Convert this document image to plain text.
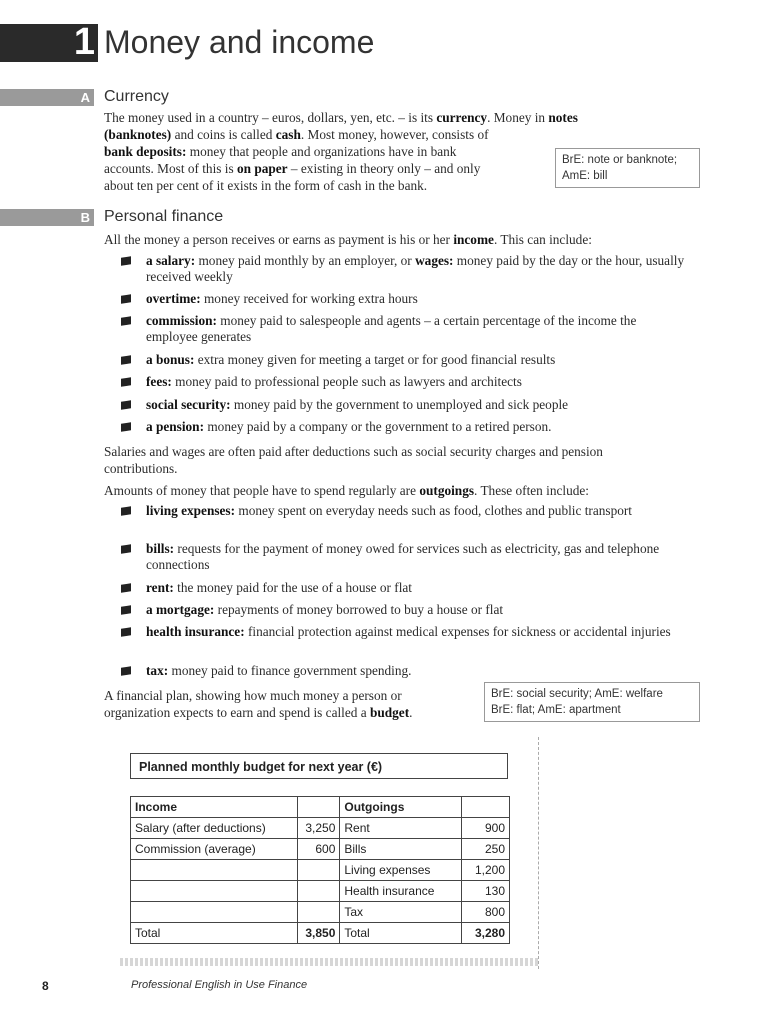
1 Money and income
A Currency
The money used in a country – euros, dollars, yen, etc. – is its currency. Money in notes
(banknotes) and coins is called cash. Most money, however, consists of
bank deposits: money that people and organizations have in bank
accounts. Most of this is on paper – existing in theory only – and only
about ten per cent of it exists in the form of cash in the bank.
BrE: note or banknote;
AmE: bill
B Personal finance
All the money a person receives or earns as payment is his or her income. This can include:
a salary: money paid monthly by an employer, or wages: money paid by the day or the hour, usually received weekly
overtime: money received for working extra hours
commission: money paid to salespeople and agents – a certain percentage of the income the employee generates
a bonus: extra money given for meeting a target or for good financial results
fees: money paid to professional people such as lawyers and architects
social security: money paid by the government to unemployed and sick people
a pension: money paid by a company or the government to a retired person.
Salaries and wages are often paid after deductions such as social security charges and pension contributions.
Amounts of money that people have to spend regularly are outgoings. These often include:
living expenses: money spent on everyday needs such as food, clothes and public transport
bills: requests for the payment of money owed for services such as electricity, gas and telephone connections
rent: the money paid for the use of a house or flat
a mortgage: repayments of money borrowed to buy a house or flat
health insurance: financial protection against medical expenses for sickness or accidental injuries
tax: money paid to finance government spending.
A financial plan, showing how much money a person or
organization expects to earn and spend is called a budget.
BrE: social security; AmE: welfare
BrE: flat; AmE: apartment
Planned monthly budget for next year (€)
Income		Outgoings	
Salary (after deductions)	3,250	Rent	900
Commission (average)	600	Bills	250
		Living expenses	1,200
		Health insurance	130
		Tax	800
Total	3,850	Total	3,280
8	Professional English in Use Finance
